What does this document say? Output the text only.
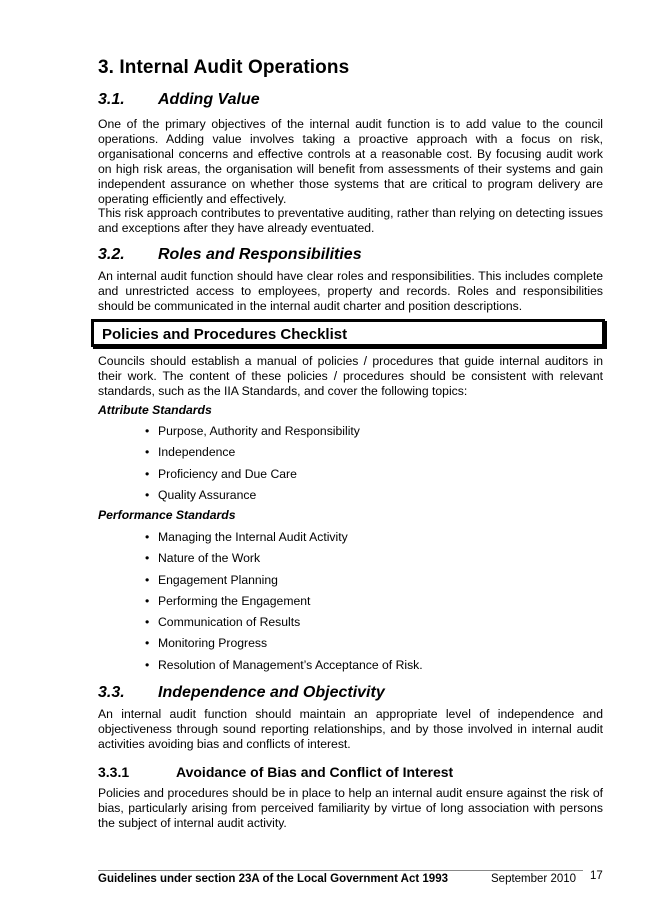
3. Internal Audit Operations
3.1. Adding Value
One of the primary objectives of the internal audit function is to add value to the council operations. Adding value involves taking a proactive approach with a focus on risk, organisational concerns and effective controls at a reasonable cost. By focusing audit work on high risk areas, the organisation will benefit from assessments of their systems and gain independent assurance on whether those systems that are critical to program delivery are operating efficiently and effectively.
This risk approach contributes to preventative auditing, rather than relying on detecting issues and exceptions after they have already eventuated.
3.2. Roles and Responsibilities
An internal audit function should have clear roles and responsibilities. This includes complete and unrestricted access to employees, property and records. Roles and responsibilities should be communicated in the internal audit charter and position descriptions.
Policies and Procedures Checklist
Councils should establish a manual of policies / procedures that guide internal auditors in their work. The content of these policies / procedures should be consistent with relevant standards, such as the IIA Standards, and cover the following topics:
Attribute Standards
• Purpose, Authority and Responsibility
• Independence
• Proficiency and Due Care
• Quality Assurance
Performance Standards
• Managing the Internal Audit Activity
• Nature of the Work
• Engagement Planning
• Performing the Engagement
• Communication of Results
• Monitoring Progress
• Resolution of Management’s Acceptance of Risk.
3.3. Independence and Objectivity
An internal audit function should maintain an appropriate level of independence and objectiveness through sound reporting relationships, and by those involved in internal audit activities avoiding bias and conflicts of interest.
3.3.1	Avoidance of Bias and Conflict of Interest
Policies and procedures should be in place to help an internal audit ensure against the risk of bias, particularly arising from perceived familiarity by virtue of long association with persons the subject of internal audit activity.
Guidelines under section 23A of the Local Government Act 1993	September 2010 17
